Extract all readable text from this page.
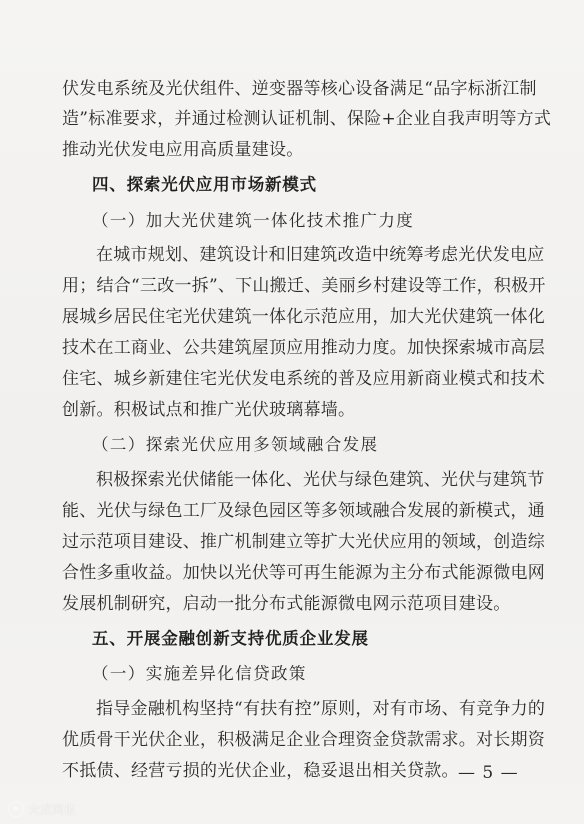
伏发电系统及光伏组件、逆变器等核心设备满足“品字标浙江制
造”标准要求，并通过检测认证机制、保险+企业自我声明等方式
推动光伏发电应用高质量建设。
四、探索光伏应用市场新模式
（一）加大光伏建筑一体化技术推广力度
在城市规划、建筑设计和旧建筑改造中统筹考虑光伏发电应
用；结合“三改一拆”、下山搬迁、美丽乡村建设等工作，积极开
展城乡居民住宅光伏建筑一体化示范应用，加大光伏建筑一体化
技术在工商业、公共建筑屋顶应用推动力度。加快探索城市高层
住宅、城乡新建住宅光伏发电系统的普及应用新商业模式和技术
创新。积极试点和推广光伏玻璃幕墙。
（二）探索光伏应用多领域融合发展
积极探索光伏储能一体化、光伏与绿色建筑、光伏与建筑节
能、光伏与绿色工厂及绿色园区等多领域融合发展的新模式，通
过示范项目建设、推广机制建立等扩大光伏应用的领域，创造综
合性多重收益。加快以光伏等可再生能源为主分布式能源微电网
发展机制研究，启动一批分布式能源微电网示范项目建设。
五、开展金融创新支持优质企业发展
（一）实施差异化信贷政策
指导金融机构坚持“有扶有控”原则，对有市场、有竞争力的
优质骨干光伏企业，积极满足企业合理资金贷款需求。对长期资
不抵债、经营亏损的光伏企业，稳妥退出相关贷款。 — 5 —
大成网报
